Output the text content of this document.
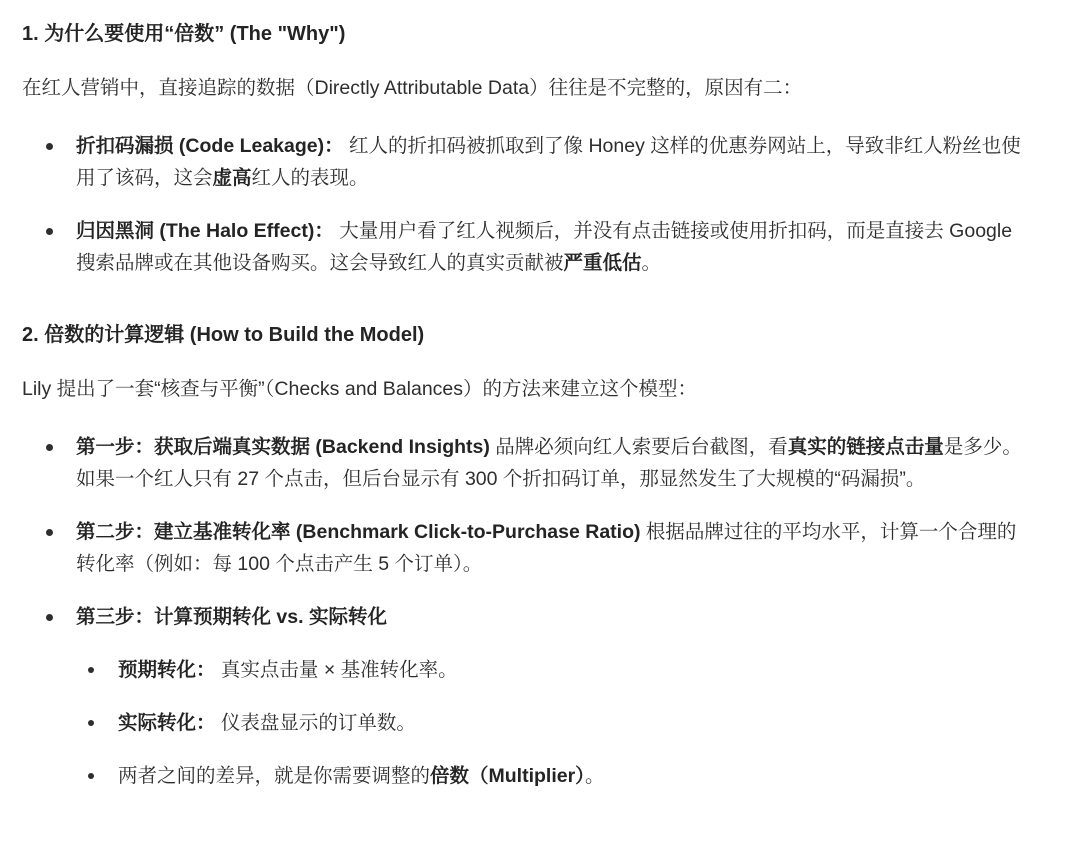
1. 为什么要使用“倍数” (The "Why")

在红人营销中，直接追踪的数据（Directly Attributable Data）往往是不完整的，原因有二：

折扣码漏损 (Code Leakage)： 红人的折扣码被抓取到了像 Honey 这样的优惠券网站上，导致非红人粉丝也使用了该码，这会虚高红人的表现。
归因黑洞 (The Halo Effect)： 大量用户看了红人视频后，并没有点击链接或使用折扣码，而是直接去 Google 搜索品牌或在其他设备购买。这会导致红人的真实贡献被严重低估。
2. 倍数的计算逻辑 (How to Build the Model)

Lily 提出了一套“核查与平衡”（Checks and Balances）的方法来建立这个模型：

第一步：获取后端真实数据 (Backend Insights) 品牌必须向红人索要后台截图，看真实的链接点击量是多少。如果一个红人只有 27 个点击，但后台显示有 300 个折扣码订单，那显然发生了大规模的“码漏损”。
第二步：建立基准转化率 (Benchmark Click-to-Purchase Ratio) 根据品牌过往的平均水平，计算一个合理的转化率（例如：每 100 个点击产生 5 个订单）。
第三步：计算预期转化 vs. 实际转化
预期转化： 真实点击量 × 基准转化率。
实际转化： 仪表盘显示的订单数。
两者之间的差异，就是你需要调整的倍数（Multiplier）。
